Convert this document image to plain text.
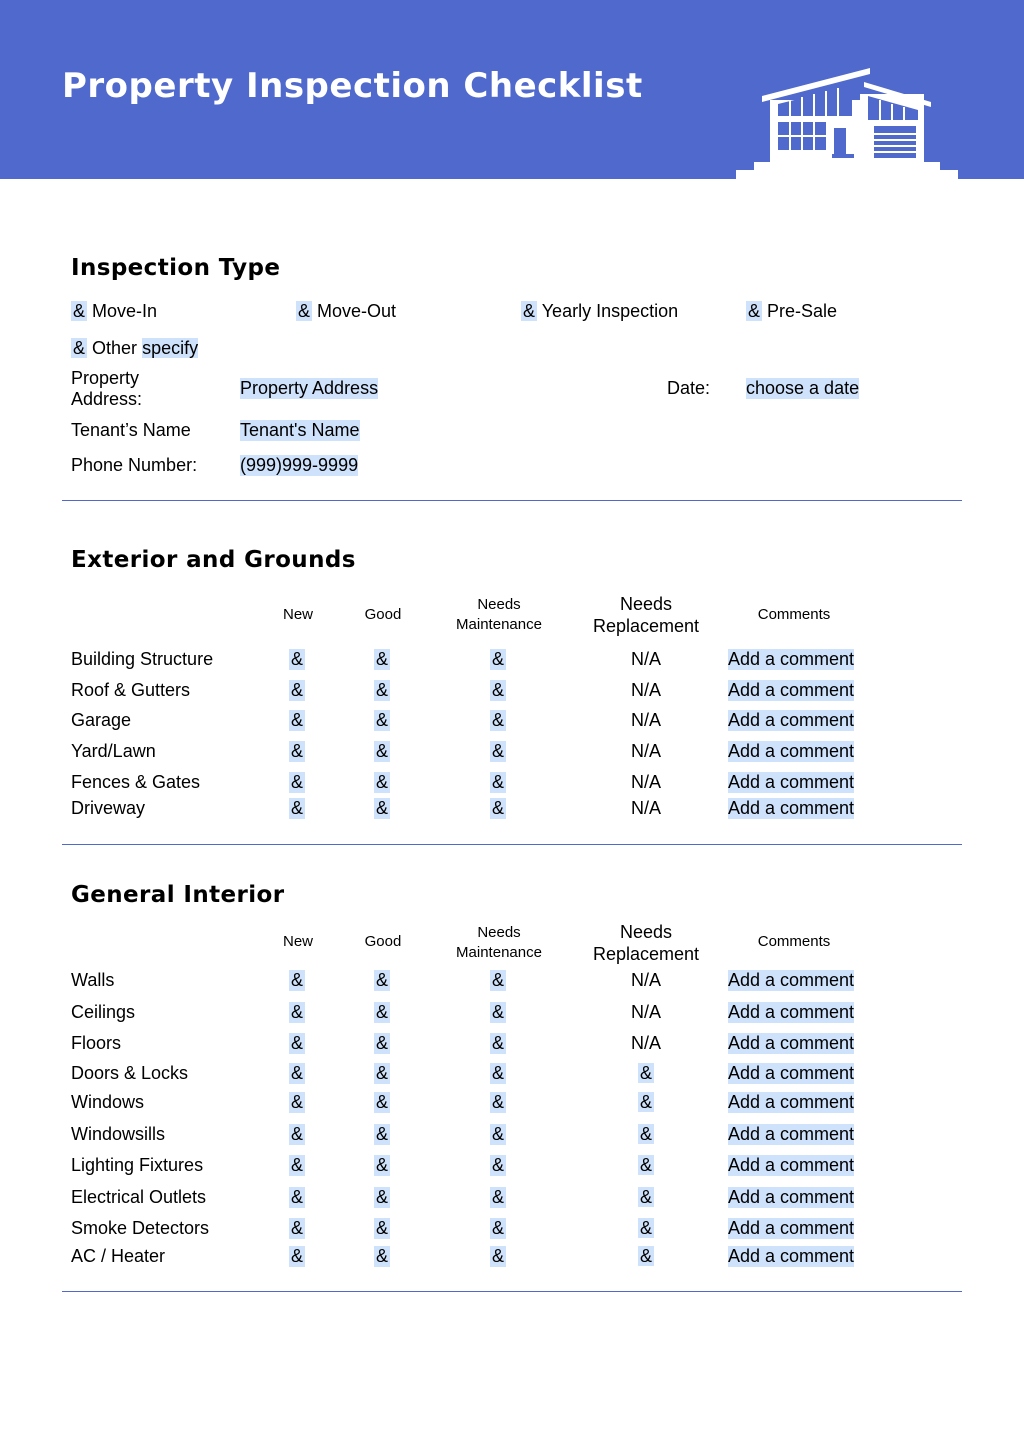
Property Inspection Checklist
Inspection Type
& Move-In	& Move-Out	& Yearly Inspection	& Pre-Sale
& Other specify
Property
Address:
Property Address	Date: choose a date
Tenant’s Name	Tenant's Name
Phone Number: (999)999-9999
Exterior and Grounds
New	Good
Needs
Maintenance
Needs
Replacement
Comments
Building Structure	&	&	&	N/A	Add a comment
Roof & Gutters	&	&	&	N/A	Add a comment
Garage	&	&	&	N/A	Add a comment
Yard/Lawn	&	&	&	N/A	Add a comment
Fences & Gates	&	&	&	N/A	Add a comment
Driveway	&	&	&	N/A	Add a comment
General Interior
New	Good
Needs
Maintenance
Needs
Replacement
Comments
Walls	&	&	&	N/A	Add a comment
Ceilings	&	&	&	N/A	Add a comment
Floors	&	&	&	N/A	Add a comment
Doors & Locks	&	&	&	&	Add a comment
Windows	&	&	&	&	Add a comment
Windowsills	&	&	&	&	Add a comment
Lighting Fixtures	&	&	&	&	Add a comment
Electrical Outlets	&	&	&	&	Add a comment
Smoke Detectors	&	&	&	&	Add a comment
AC / Heater	&	&	&	&	Add a comment
